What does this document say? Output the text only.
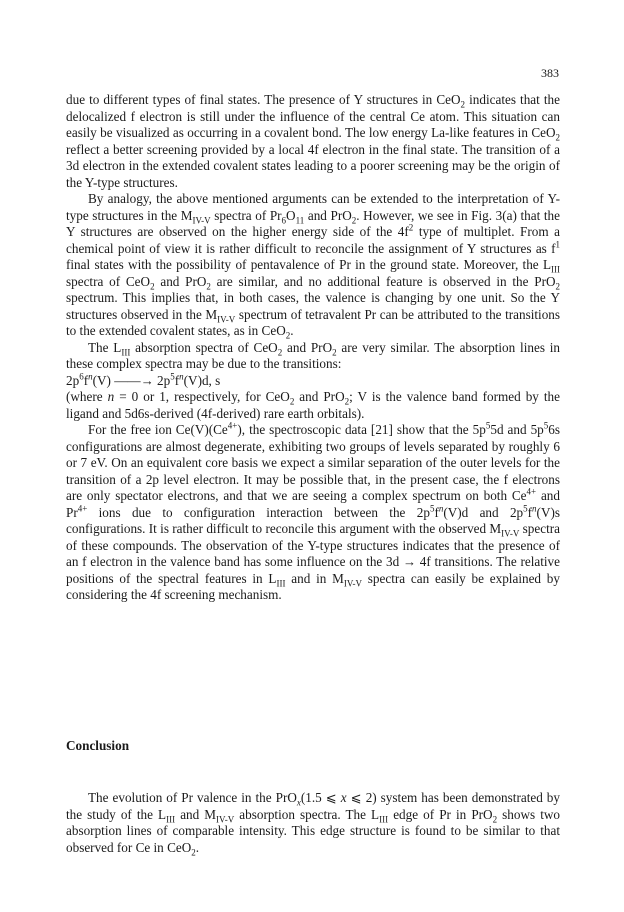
383

due to different types of final states. The presence of Y structures in CeO$_2$ indicates that the delocalized f electron is still under the influence of the central Ce atom. This situation can easily be visualized as occurring in a covalent bond. The low energy La-like features in CeO$_2$ reflect a better screening provided by a local 4f electron in the final state. The transition of a 3d electron in the extended covalent states leading to a poorer screening may be the origin of the Y-type structures.

By analogy, the above mentioned arguments can be extended to the interpretation of Y-type structures in the $M_{IV-V}$ spectra of $Pr_6O_{11}$ and PrO$_2$. However, we see in Fig. 3(a) that the Y structures are observed on the higher energy side of the $4f^2$ type of multiplet. From a chemical point of view it is rather difficult to reconcile the assignment of Y structures as $f^1$ final states with the possibility of pentavalence of Pr in the ground state. Moreover, the $L_{III}$ spectra of CeO$_2$ and PrO$_2$ are similar, and no additional feature is observed in the PrO$_2$ spectrum. This implies that, in both cases, the valence is changing by one unit. So the Y structures observed in the $M_{IV-V}$ spectrum of tetravalent Pr can be attributed to the transitions to the extended covalent states, as in CeO$_2$.

The $L_{III}$ absorption spectra of CeO$_2$ and PrO$_2$ are very similar. The absorption lines in these complex spectra may be due to the transitions:

$2p^6f^n(V)$ ——→ $2p^5f^n(V)d$, s

(where n = 0 or 1, respectively, for CeO$_2$ and PrO$_2$; V is the valence band formed by the ligand and 5d6s-derived (4f-derived) rare earth orbitals).

For the free ion $Ce(V)(Ce^{4+})$, the spectroscopic data [21] show that the $5p^55d$ and $5p^56s$ configurations are almost degenerate, exhibiting two groups of levels separated by roughly 6 or 7 eV. On an equivalent core basis we expect a similar separation of the outer levels for the transition of a 2p level electron. It may be possible that, in the present case, the f electrons are only spectator electrons, and that we are seeing a complex spectrum on both $Ce^{4+}$ and $Pr^{4+}$ ions due to configuration interaction between the $2p^5f^n(V)d$ and $2p^5f^n(V)s$ configurations. It is rather difficult to reconcile this argument with the observed $M_{IV-V}$ spectra of these compounds. The observation of the Y-type structures indicates that the presence of an f electron in the valence band has some influence on the 3d → 4f transitions. The relative positions of the spectral features in $L_{III}$ and in $M_{IV-V}$ spectra can easily be explained by considering the 4f screening mechanism.

Conclusion

The evolution of Pr valence in the PrO$_x$(1.5 ⩽ x ⩽ 2) system has been demonstrated by the study of the $L_{III}$ and $M_{IV-V}$ absorption spectra. The $L_{III}$ edge of Pr in PrO$_2$ shows two absorption lines of comparable intensity. This edge structure is found to be similar to that observed for Ce in CeO$_2$.
